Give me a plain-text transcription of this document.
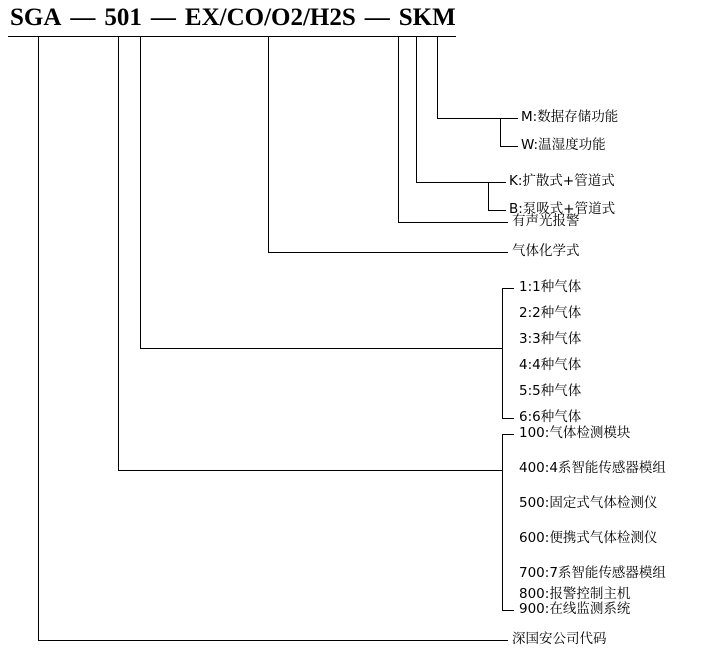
SGA — 501 — EX/CO/O2/H2S — SKM
M:数据存储功能
W:温湿度功能
K:扩散式+管道式
B:泵吸式+管道式
有声光报警
气体化学式
1:1种气体
2:2种气体
3:3种气体
4:4种气体
5:5种气体
6:6种气体
100:气体检测模块
400:4系智能传感器模组
500:固定式气体检测仪
600:便携式气体检测仪
700:7系智能传感器模组
800:报警控制主机
900:在线监测系统
深国安公司代码
